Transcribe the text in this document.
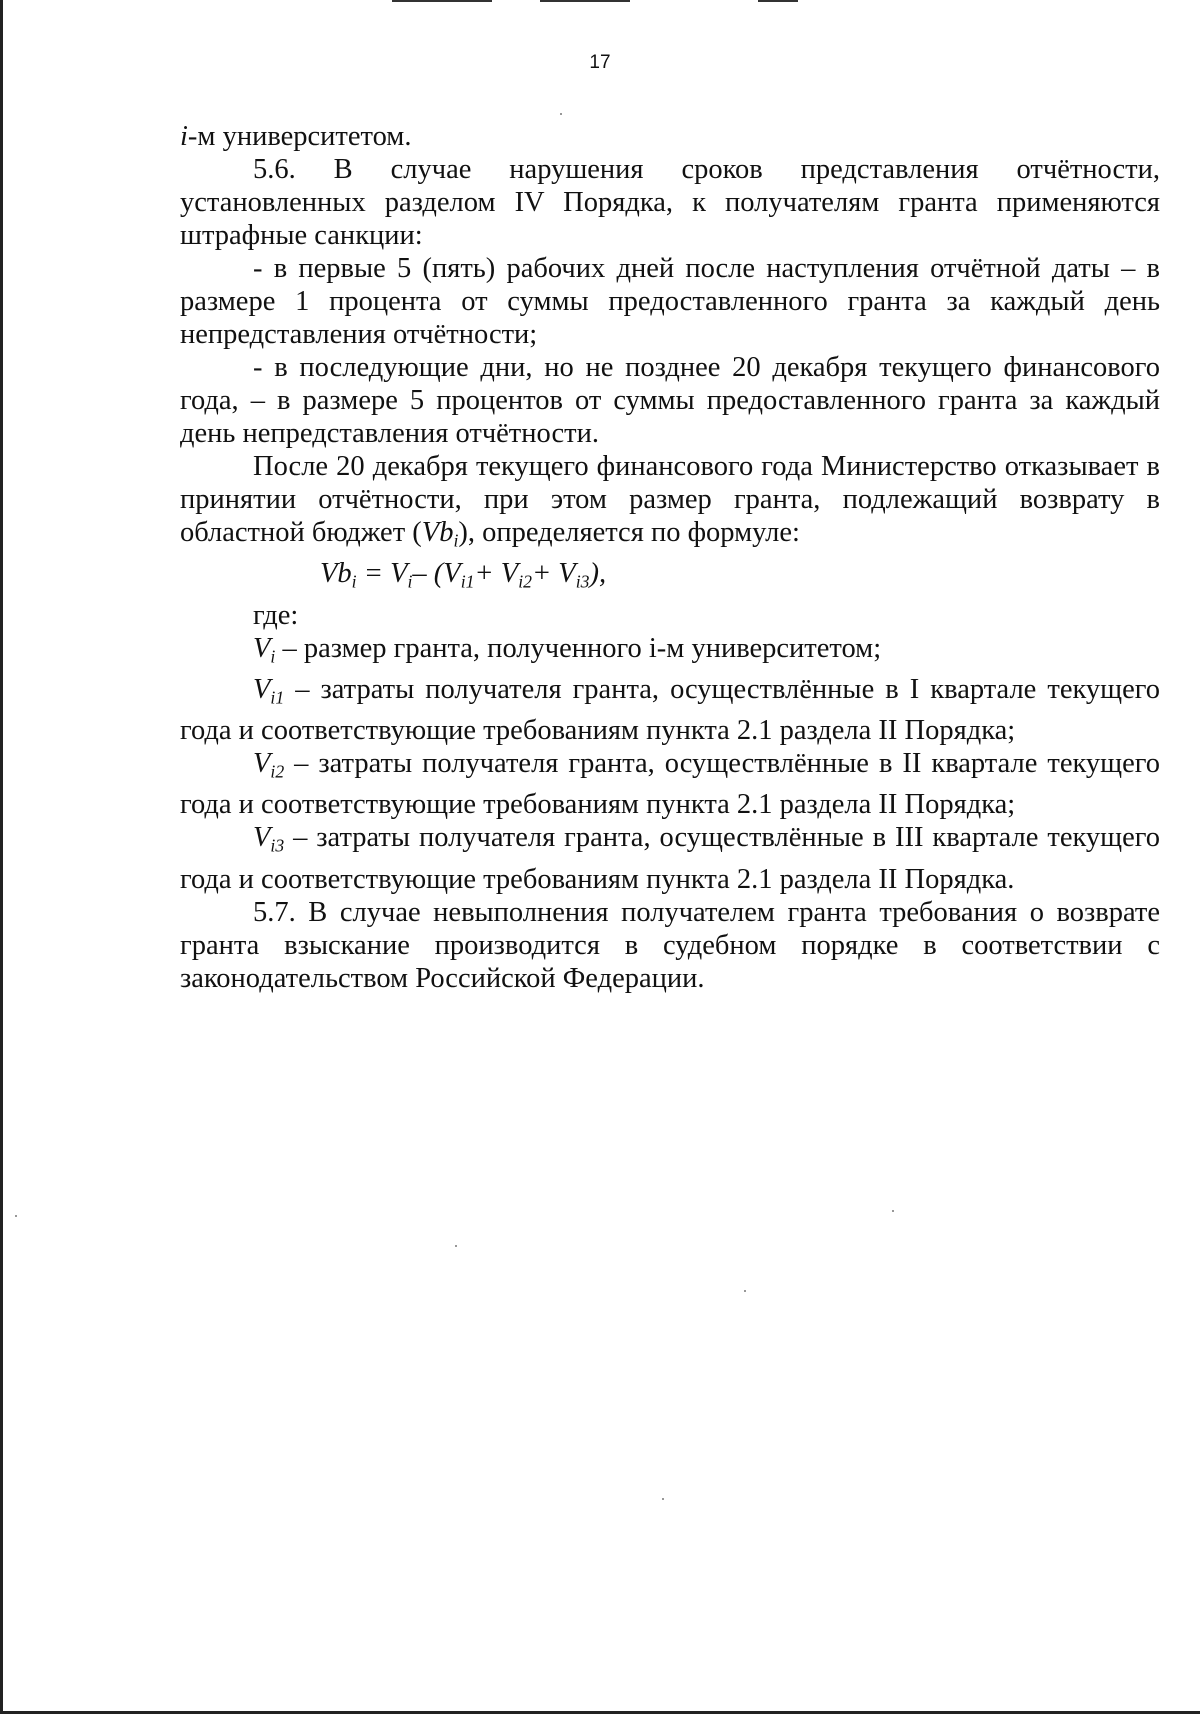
17

i-м университетом.

5.6. В случае нарушения сроков представления отчётности, установленных разделом IV Порядка, к получателям гранта применяются штрафные санкции:

- в первые 5 (пять) рабочих дней после наступления отчётной даты – в размере 1 процента от суммы предоставленного гранта за каждый день непредставления отчётности;

- в последующие дни, но не позднее 20 декабря текущего финансового года, – в размере 5 процентов от суммы предоставленного гранта за каждый день непредставления отчётности.

После 20 декабря текущего финансового года Министерство отказывает в принятии отчётности, при этом размер гранта, подлежащий возврату в областной бюджет $(Vb_i)$, определяется по формуле:

$Vb_i = V_i-$ $(V_{i1}+ V_{i2}+ V_{i3})$,

где:

$V_i$ – размер гранта, полученного i-м университетом;

$V_{i1}$ – затраты получателя гранта, осуществлённые в I квартале текущего года и соответствующие требованиям пункта 2.1 раздела II Порядка;

$V_{i2}$ – затраты получателя гранта, осуществлённые в II квартале текущего года и соответствующие требованиям пункта 2.1 раздела II Порядка;

$V_{i3}$ – затраты получателя гранта, осуществлённые в III квартале текущего года и соответствующие требованиям пункта 2.1 раздела II Порядка.

5.7. В случае невыполнения получателем гранта требования о возврате гранта взыскание производится в судебном порядке в соответствии с законодательством Российской Федерации.
